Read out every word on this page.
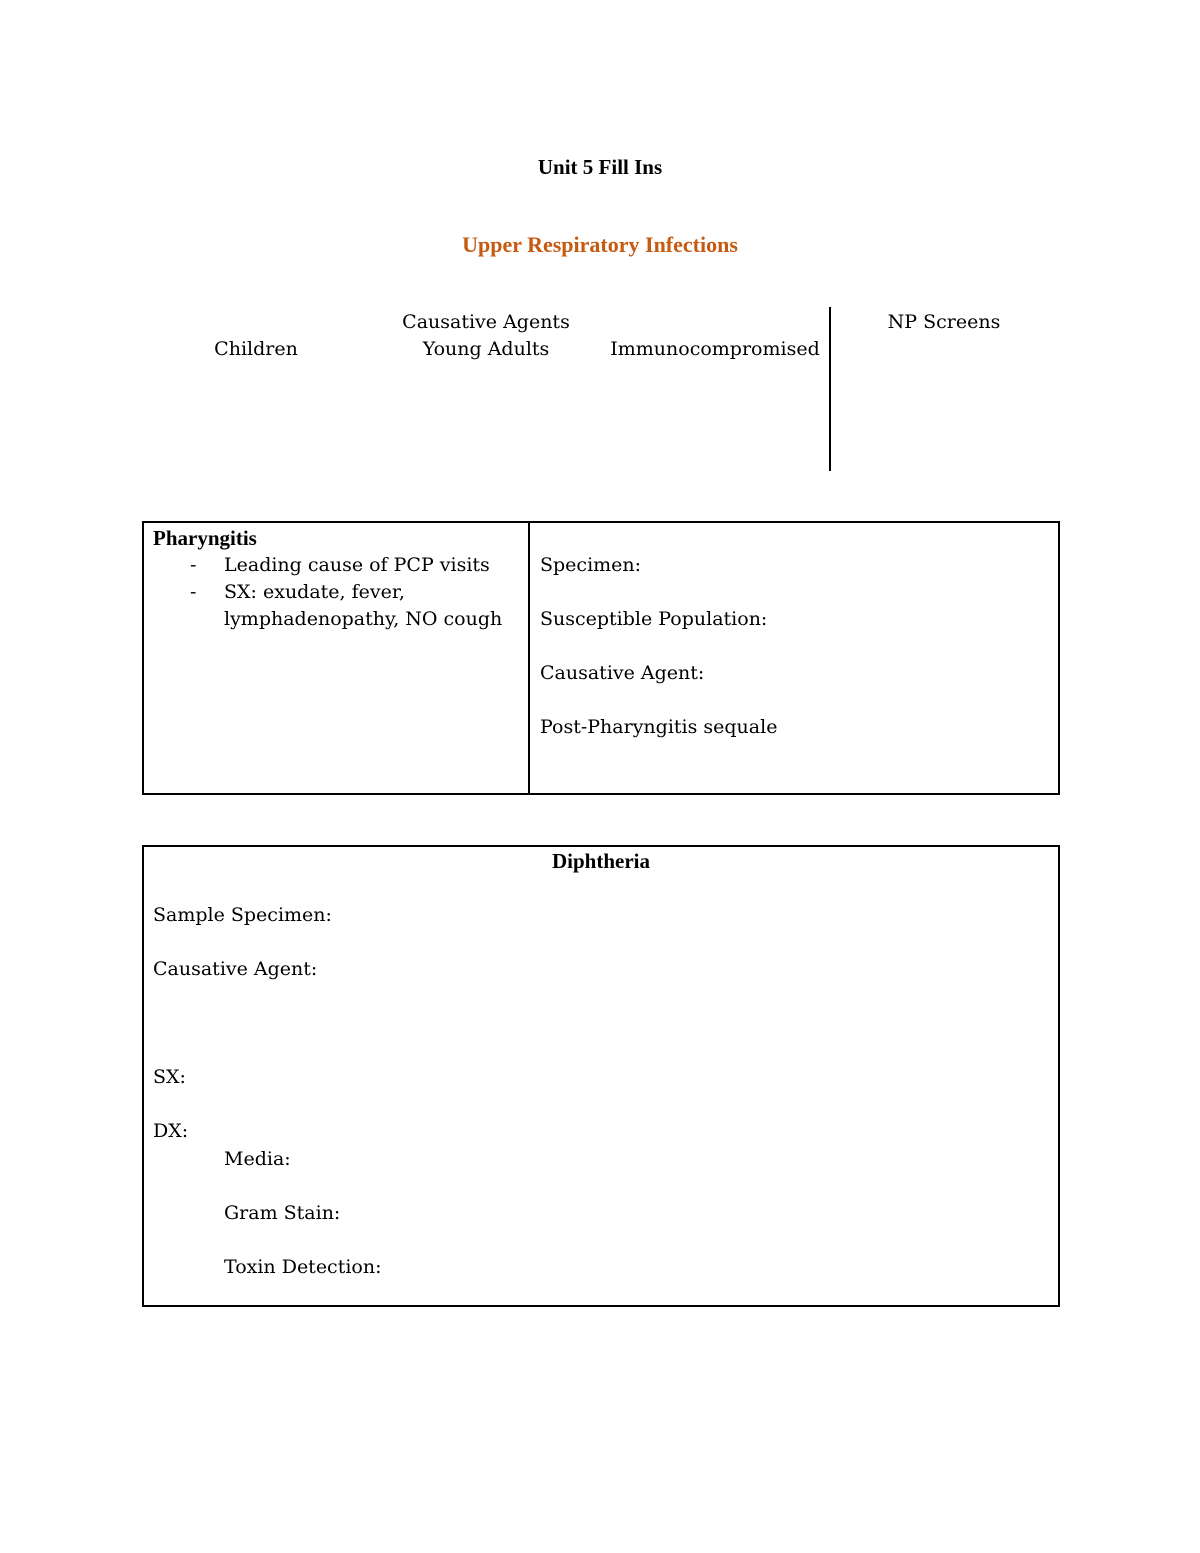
Unit 5 Fill Ins
Upper Respiratory Infections
Causative Agents
Children	Young Adults	Immunocompromised
NP Screens
Pharyngitis
- Leading cause of PCP visits
- SX: exudate, fever,
lymphadenopathy, NO cough
Specimen:
Susceptible Population:
Causative Agent:
Post-Pharyngitis sequale
Diphtheria
Sample Specimen:
Causative Agent:
SX:
DX:
Media:
Gram Stain:
Toxin Detection:
